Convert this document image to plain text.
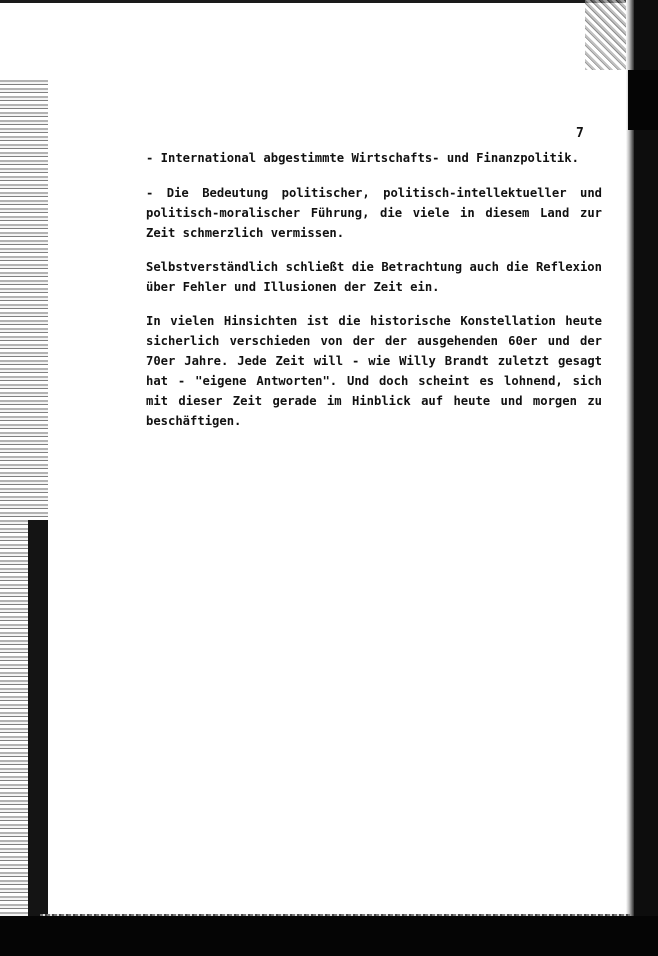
7
- International abgestimmte Wirtschafts- und Finanzpolitik.
- Die Bedeutung politischer, politisch-intellektueller und
politisch-moralischer Führung, die viele in diesem Land zur
Zeit schmerzlich vermissen.
Selbstverständlich schließt die Betrachtung auch die Reflexion
über Fehler und Illusionen der Zeit ein.
In vielen Hinsichten ist die historische Konstellation heute
sicherlich verschieden von der der ausgehenden 60er und der
70er Jahre. Jede Zeit will - wie Willy Brandt zuletzt gesagt
hat - "eigene Antworten". Und doch scheint es lohnend, sich
mit dieser Zeit gerade im Hinblick auf heute und morgen zu
beschäftigen.
